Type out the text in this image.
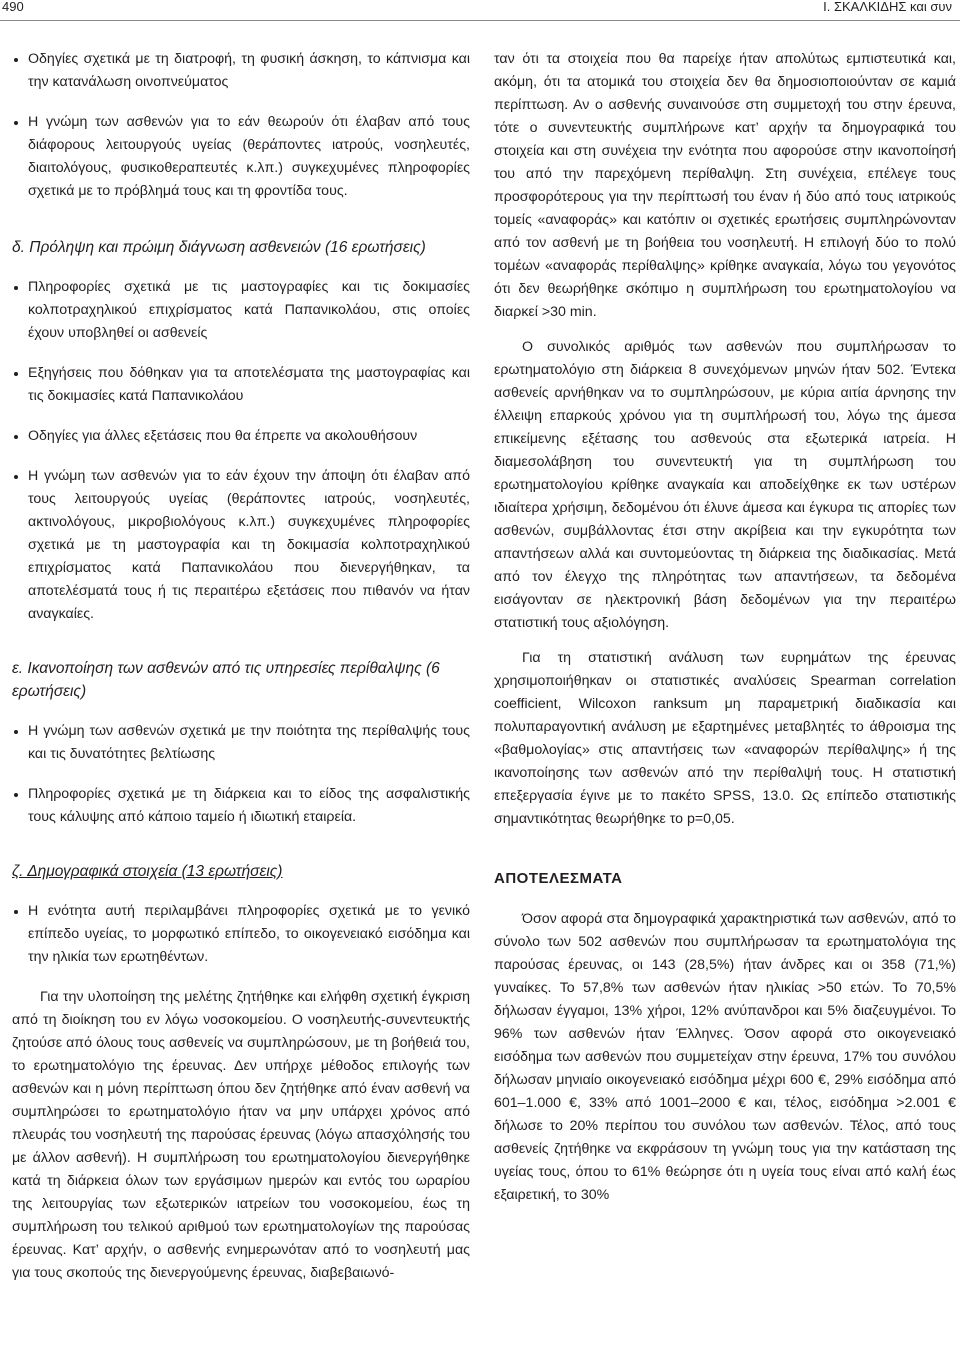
490	Ι. ΣΚΑΛΚΙΔΗΣ και συν

Οδηγίες σχετικά με τη διατροφή, τη φυσική άσκηση, το κάπνισμα και την κατανάλωση οινοπνεύματος

Η γνώμη των ασθενών για το εάν θεωρούν ότι έλαβαν από τους διάφορους λειτουργούς υγείας (θεράποντες ιατρούς, νοσηλευτές, διαιτολόγους, φυσικοθεραπευτές κ.λπ.) συγκεχυμένες πληροφορίες σχετικά με το πρόβλημά τους και τη φροντίδα τους.

δ. Πρόληψη και πρώιμη διάγνωση ασθενειών (16 ερωτήσεις)

Πληροφορίες σχετικά με τις μαστογραφίες και τις δοκιμασίες κολποτραχηλικού επιχρίσματος κατά Παπανικολάου, στις οποίες έχουν υποβληθεί οι ασθενείς

Εξηγήσεις που δόθηκαν για τα αποτελέσματα της μαστογραφίας και τις δοκιμασίες κατά Παπανικολάου

Οδηγίες για άλλες εξετάσεις που θα έπρεπε να ακολουθήσουν

Η γνώμη των ασθενών για το εάν έχουν την άποψη ότι έλαβαν από τους λειτουργούς υγείας (θεράποντες ιατρούς, νοσηλευτές, ακτινολόγους, μικροβιολόγους κ.λπ.) συγκεχυμένες πληροφορίες σχετικά με τη μαστογραφία και τη δοκιμασία κολποτραχηλικού επιχρίσματος κατά Παπανικολάου που διενεργήθηκαν, τα αποτελέσματά τους ή τις περαιτέρω εξετάσεις που πιθανόν να ήταν αναγκαίες.

ε. Ικανοποίηση των ασθενών από τις υπηρεσίες περίθαλψης (6 ερωτήσεις)

Η γνώμη των ασθενών σχετικά με την ποιότητα της περίθαλψής τους και τις δυνατότητες βελτίωσης

Πληροφορίες σχετικά με τη διάρκεια και το είδος της ασφαλιστικής τους κάλυψης από κάποιο ταμείο ή ιδιωτική εταιρεία.

ζ. Δημογραφικά στοιχεία (13 ερωτήσεις)

Η ενότητα αυτή περιλαμβάνει πληροφορίες σχετικά με το γενικό επίπεδο υγείας, το μορφωτικό επίπεδο, το οικογενειακό εισόδημα και την ηλικία των ερωτηθέντων.

Για την υλοποίηση της μελέτης ζητήθηκε και ελήφθη σχετική έγκριση από τη διοίκηση του εν λόγω νοσοκομείου. Ο νοσηλευτής-συνεντευκτής ζητούσε από όλους τους ασθενείς να συμπληρώσουν, με τη βοήθειά του, το ερωτηματολόγιο της έρευνας. Δεν υπήρχε μέθοδος επιλογής των ασθενών και η μόνη περίπτωση όπου δεν ζητήθηκε από έναν ασθενή να συμπληρώσει το ερωτηματολόγιο ήταν να μην υπάρχει χρόνος από πλευράς του νοσηλευτή της παρούσας έρευνας (λόγω απασχόλησής του με άλλον ασθενή). Η συμπλήρωση του ερωτηματολογίου διενεργήθηκε κατά τη διάρκεια όλων των εργάσιμων ημερών και εντός του ωραρίου της λειτουργίας των εξωτερικών ιατρείων του νοσοκομείου, έως τη συμπλήρωση του τελικού αριθμού των ερωτηματολογίων της παρούσας έρευνας. Κατ’ αρχήν, ο ασθενής ενημερωνόταν από το νοσηλευτή μας για τους σκοπούς της διενεργούμενης έρευνας, διαβεβαιωνό-

ταν ότι τα στοιχεία που θα παρείχε ήταν απολύτως εμπιστευτικά και, ακόμη, ότι τα ατομικά του στοιχεία δεν θα δημοσιοποιούνταν σε καμιά περίπτωση. Αν ο ασθενής συναινούσε στη συμμετοχή του στην έρευνα, τότε ο συνεντευκτής συμπλήρωνε κατ’ αρχήν τα δημογραφικά του στοιχεία και στη συνέχεια την ενότητα που αφορούσε στην ικανοποίησή του από την παρεχόμενη περίθαλψη. Στη συνέχεια, επέλεγε τους προσφορότερους για την περίπτωσή του έναν ή δύο από τους ιατρικούς τομείς «αναφοράς» και κατόπιν οι σχετικές ερωτήσεις συμπληρώνονταν από τον ασθενή με τη βοήθεια του νοσηλευτή. Η επιλογή δύο το πολύ τομέων «αναφοράς περίθαλψης» κρίθηκε αναγκαία, λόγω του γεγονότος ότι δεν θεωρήθηκε σκόπιμο η συμπλήρωση του ερωτηματολογίου να διαρκεί >30 min.

Ο συνολικός αριθμός των ασθενών που συμπλήρωσαν το ερωτηματολόγιο στη διάρκεια 8 συνεχόμενων μηνών ήταν 502. Έντεκα ασθενείς αρνήθηκαν να το συμπληρώσουν, με κύρια αιτία άρνησης την έλλειψη επαρκούς χρόνου για τη συμπλήρωσή του, λόγω της άμεσα επικείμενης εξέτασης του ασθενούς στα εξωτερικά ιατρεία. Η διαμεσολάβηση του συνεντευκτή για τη συμπλήρωση του ερωτηματολογίου κρίθηκε αναγκαία και αποδείχθηκε εκ των υστέρων ιδιαίτερα χρήσιμη, δεδομένου ότι έλυνε άμεσα και έγκυρα τις απορίες των ασθενών, συμβάλλοντας έτσι στην ακρίβεια και την εγκυρότητα των απαντήσεων αλλά και συντομεύοντας τη διάρκεια της διαδικασίας. Μετά από τον έλεγχο της πληρότητας των απαντήσεων, τα δεδομένα εισάγονταν σε ηλεκτρονική βάση δεδομένων για την περαιτέρω στατιστική τους αξιολόγηση.

Για τη στατιστική ανάλυση των ευρημάτων της έρευνας χρησιμοποιήθηκαν οι στατιστικές αναλύσεις Spearman correlation coefficient, Wilcoxon ranksum μη παραμετρική διαδικασία και πολυπαραγοντική ανάλυση με εξαρτημένες μεταβλητές το άθροισμα της «βαθμολογίας» στις απαντήσεις των «αναφορών περίθαλψης» ή της ικανοποίησης των ασθενών από την περίθαλψή τους. Η στατιστική επεξεργασία έγινε με το πακέτο SPSS, 13.0. Ως επίπεδο στατιστικής σημαντικότητας θεωρήθηκε το p=0,05.

ΑΠΟΤΕΛΕΣΜΑΤΑ

Όσον αφορά στα δημογραφικά χαρακτηριστικά των ασθενών, από το σύνολο των 502 ασθενών που συμπλήρωσαν τα ερωτηματολόγια της παρούσας έρευνας, οι 143 (28,5%) ήταν άνδρες και οι 358 (71,%) γυναίκες. Το 57,8% των ασθενών ήταν ηλικίας >50 ετών. Το 70,5% δήλωσαν έγγαμοι, 13% χήροι, 12% ανύπανδροι και 5% διαζευγμένοι. Το 96% των ασθενών ήταν Έλληνες. Όσον αφορά στο οικογενειακό εισόδημα των ασθενών που συμμετείχαν στην έρευνα, 17% του συνόλου δήλωσαν μηνιαίο οικογενειακό εισόδημα μέχρι 600 €, 29% εισόδημα από 601–1.000 €, 33% από 1001–2000 € και, τέλος, εισόδημα >2.001 € δήλωσε το 20% περίπου του συνόλου των ασθενών. Τέλος, από τους ασθενείς ζητήθηκε να εκφράσουν τη γνώμη τους για την κατάσταση της υγείας τους, όπου το 61% θεώρησε ότι η υγεία τους είναι από καλή έως εξαιρετική, το 30%
